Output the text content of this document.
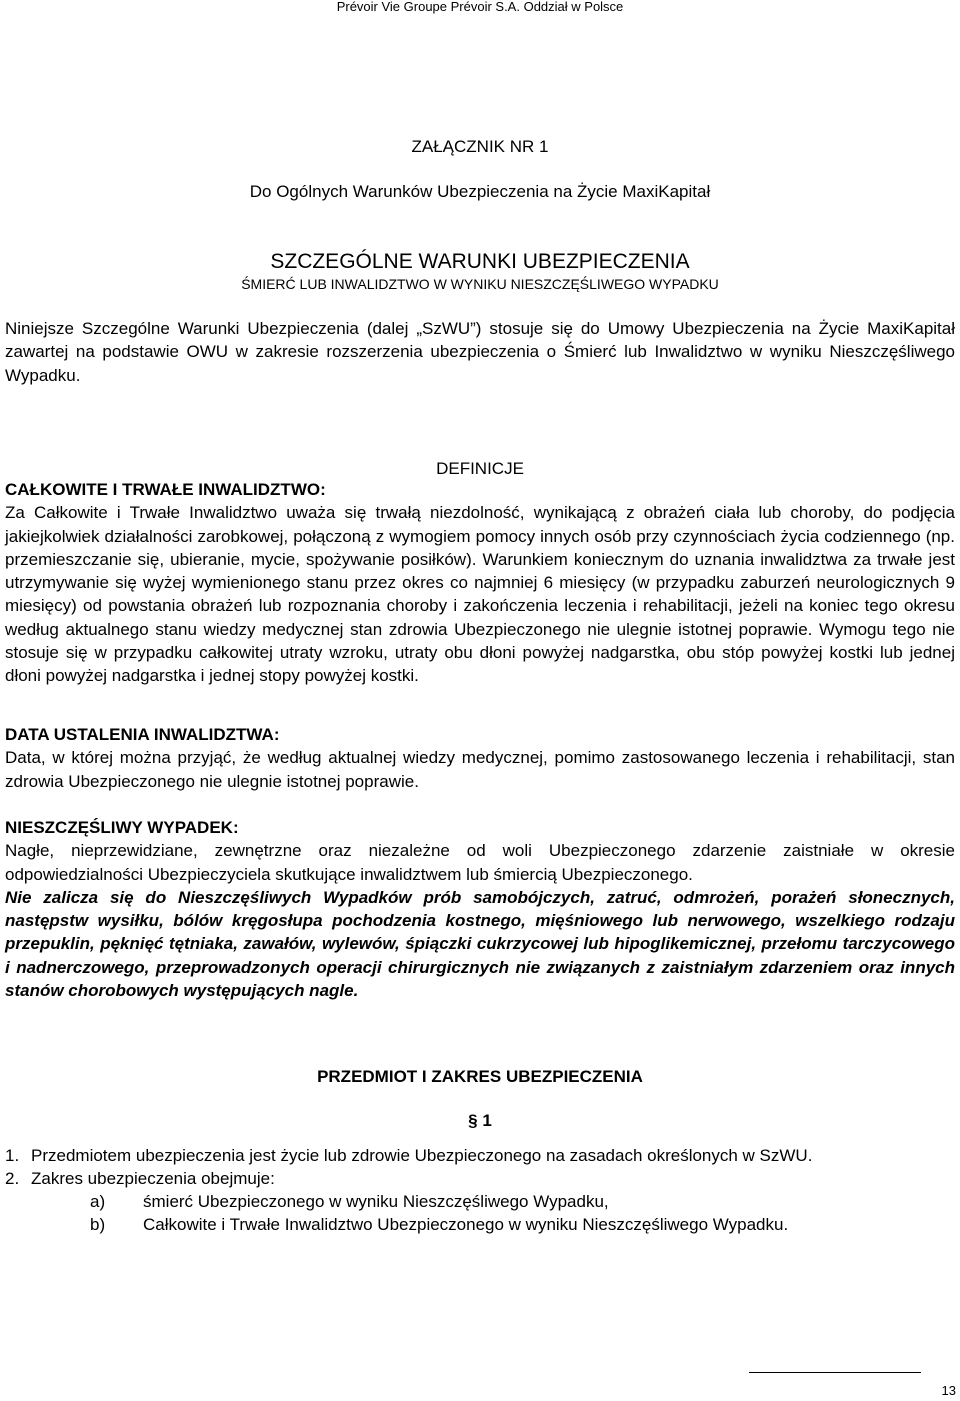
Prévoir Vie Groupe Prévoir S.A. Oddział w Polsce
ZAŁĄCZNIK NR 1
Do Ogólnych Warunków Ubezpieczenia na Życie MaxiKapitał
SZCZEGÓLNE WARUNKI UBEZPIECZENIA
ŚMIERĆ LUB INWALIDZTWO W WYNIKU NIESZCZĘŚLIWEGO WYPADKU
Niniejsze Szczególne Warunki Ubezpieczenia (dalej „SzWU”) stosuje się do Umowy Ubezpieczenia na Życie MaxiKapitał zawartej na podstawie OWU w zakresie rozszerzenia ubezpieczenia o Śmierć lub Inwalidztwo w wyniku Nieszczęśliwego Wypadku.
DEFINICJE
CAŁKOWITE I TRWAŁE INWALIDZTWO:
Za Całkowite i Trwałe Inwalidztwo uważa się trwałą niezdolność, wynikającą z obrażeń ciała lub choroby, do podjęcia jakiejkolwiek działalności zarobkowej, połączoną z wymogiem pomocy innych osób przy czynnościach życia codziennego (np. przemieszczanie się, ubieranie, mycie, spożywanie posiłków). Warunkiem koniecznym do uznania inwalidztwa za trwałe jest utrzymywanie się wyżej wymienionego stanu przez okres co najmniej 6 miesięcy (w przypadku zaburzeń neurologicznych 9 miesięcy) od powstania obrażeń lub rozpoznania choroby i zakończenia leczenia i rehabilitacji, jeżeli na koniec tego okresu według aktualnego stanu wiedzy medycznej stan zdrowia Ubezpieczonego nie ulegnie istotnej poprawie. Wymogu tego nie stosuje się w przypadku całkowitej utraty wzroku, utraty obu dłoni powyżej nadgarstka, obu stóp powyżej kostki lub jednej dłoni powyżej nadgarstka i jednej stopy powyżej kostki.
DATA USTALENIA INWALIDZTWA:
Data, w której można przyjąć, że według aktualnej wiedzy medycznej, pomimo zastosowanego leczenia i rehabilitacji, stan zdrowia Ubezpieczonego nie ulegnie istotnej poprawie.
NIESZCZĘŚLIWY WYPADEK:
Nagłe, nieprzewidziane, zewnętrzne oraz niezależne od woli Ubezpieczonego zdarzenie zaistniałe w okresie odpowiedzialności Ubezpieczyciela skutkujące inwalidztwem lub śmiercią Ubezpieczonego.
Nie zalicza się do Nieszczęśliwych Wypadków prób samobójczych, zatruć, odmrożeń, porażeń słonecznych, następstw wysiłku, bólów kręgosłupa pochodzenia kostnego, mięśniowego lub nerwowego, wszelkiego rodzaju przepuklin, pęknięć tętniaka, zawałów, wylewów, śpiączki cukrzycowej lub hipoglikemicznej, przełomu tarczycowego i nadnerczowego, przeprowadzonych operacji chirurgicznych nie związanych z zaistniałym zdarzeniem oraz innych stanów chorobowych występujących nagle.
PRZEDMIOT I ZAKRES UBEZPIECZENIA
§ 1
1. Przedmiotem ubezpieczenia jest życie lub zdrowie Ubezpieczonego na zasadach określonych w SzWU.
2. Zakres ubezpieczenia obejmuje:
a) śmierć Ubezpieczonego w wyniku Nieszczęśliwego Wypadku,
b) Całkowite i Trwałe Inwalidztwo Ubezpieczonego w wyniku Nieszczęśliwego Wypadku.
13
